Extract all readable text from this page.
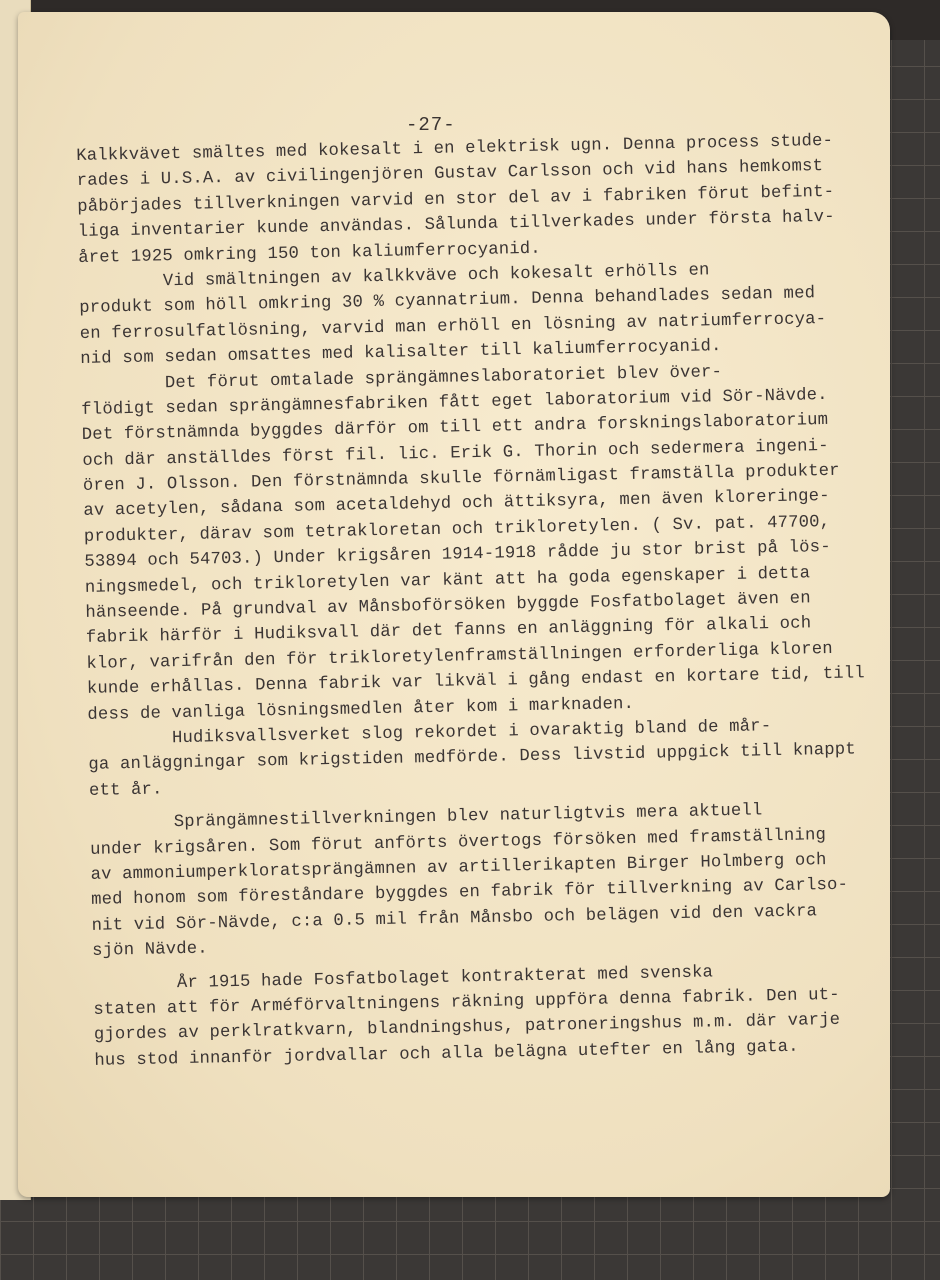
-27-
Kalkkvävet smältes med kokesalt i en elektrisk ugn. Denna process stude-
rades i U.S.A. av civilingenjören Gustav Carlsson och vid hans hemkomst
påbörjades tillverkningen varvid en stor del av i fabriken förut befint-
liga inventarier kunde användas. Sålunda tillverkades under första halv-
året 1925 omkring 150 ton kaliumferrocyanid.
Vid smältningen av kalkkväve och kokesalt erhölls en
produkt som höll omkring 30 % cyannatrium. Denna behandlades sedan med
en ferrosulfatlösning, varvid man erhöll en lösning av natriumferrocya-
nid som sedan omsattes med kalisalter till kaliumferrocyanid.
Det förut omtalade sprängämneslaboratoriet blev över-
flödigt sedan sprängämnesfabriken fått eget laboratorium vid Sör-Nävde.
Det förstnämnda byggdes därför om till ett andra forskningslaboratorium
och där anställdes först fil. lic. Erik G. Thorin och sedermera ingeni-
ören J. Olsson. Den förstnämnda skulle förnämligast framställa produkter
av acetylen, sådana som acetaldehyd och ättiksyra, men även kloreringe-
produkter, därav som tetrakloretan och trikloretylen. ( Sv. pat. 47700,
53894 och 54703.) Under krigsåren 1914-1918 rådde ju stor brist på lös-
ningsmedel, och trikloretylen var känt att ha goda egenskaper i detta
hänseende. På grundval av Månsboförsöken byggde Fosfatbolaget även en
fabrik härför i Hudiksvall där det fanns en anläggning för alkali och
klor, varifrån den för trikloretylenframställningen erforderliga kloren
kunde erhållas. Denna fabrik var likväl i gång endast en kortare tid, till
dess de vanliga lösningsmedlen åter kom i marknaden.
Hudiksvallsverket slog rekordet i ovaraktig bland de mår-
ga anläggningar som krigstiden medförde. Dess livstid uppgick till knappt
ett år.
Sprängämnestillverkningen blev naturligtvis mera aktuell
under krigsåren. Som förut anförts övertogs försöken med framställning
av ammoniumperkloratsprängämnen av artillerikapten Birger Holmberg och
med honom som föreståndare byggdes en fabrik för tillverkning av Carlso-
nit vid Sör-Nävde, c:a 0.5 mil från Månsbo och belägen vid den vackra
sjön Nävde.
År 1915 hade Fosfatbolaget kontrakterat med svenska
staten att för Arméförvaltningens räkning uppföra denna fabrik. Den ut-
gjordes av perklratkvarn, blandningshus, patroneringshus m.m. där varje
hus stod innanför jordvallar och alla belägna utefter en lång gata.
